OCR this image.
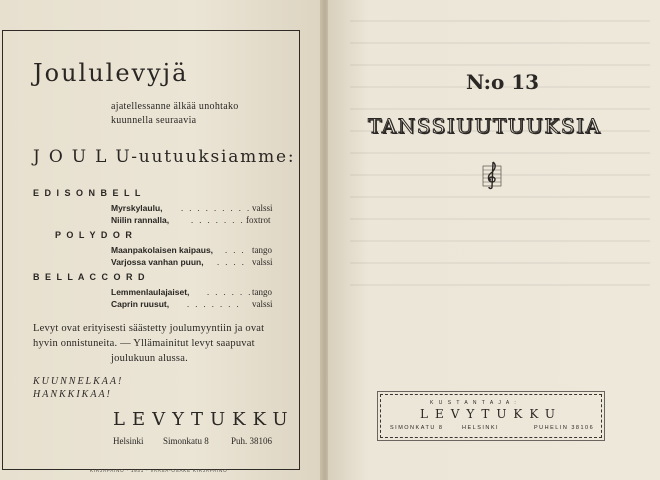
Joululevyjä
ajatellessanne älkää unohtako
kuunnella seuraavia
J O U L U-uutuuksiamme:
E D I S O N B E L L
Myrskylaulu, . . . . . . . . . valssi
Niilin rannalla,	. . . . . . . foxtrot
P O L Y D O R
Maanpakolaisen kaipaus, . . . tango
Varjossa vanhan puun, . . . . valssi
B E L L A C C O R D
Lemmenlaulajaiset, . . . . . . tango
Caprin ruusut, . . . . . . . valssi
Levyt ovat erityisesti säästetty joulumyyntiin ja ovat
hyvin onnistuneita. — Yllämainitut levyt saapuvat
joulukuun alussa.
KUUNNELKAA!
HANKKIKAA!
LEVYTUKKU
Helsinki Simonkatu 8 Puh. 38106
KIRJAPAINO · 1931 · VAASA-OSAKE KIRJAPAINO
N:o 13
TANSSIUUTUUKSIA
K U S T A N T A J A :
LEVYTUKKU
SIMONKATU 8	HELSINKI	PUHELIN 38106
